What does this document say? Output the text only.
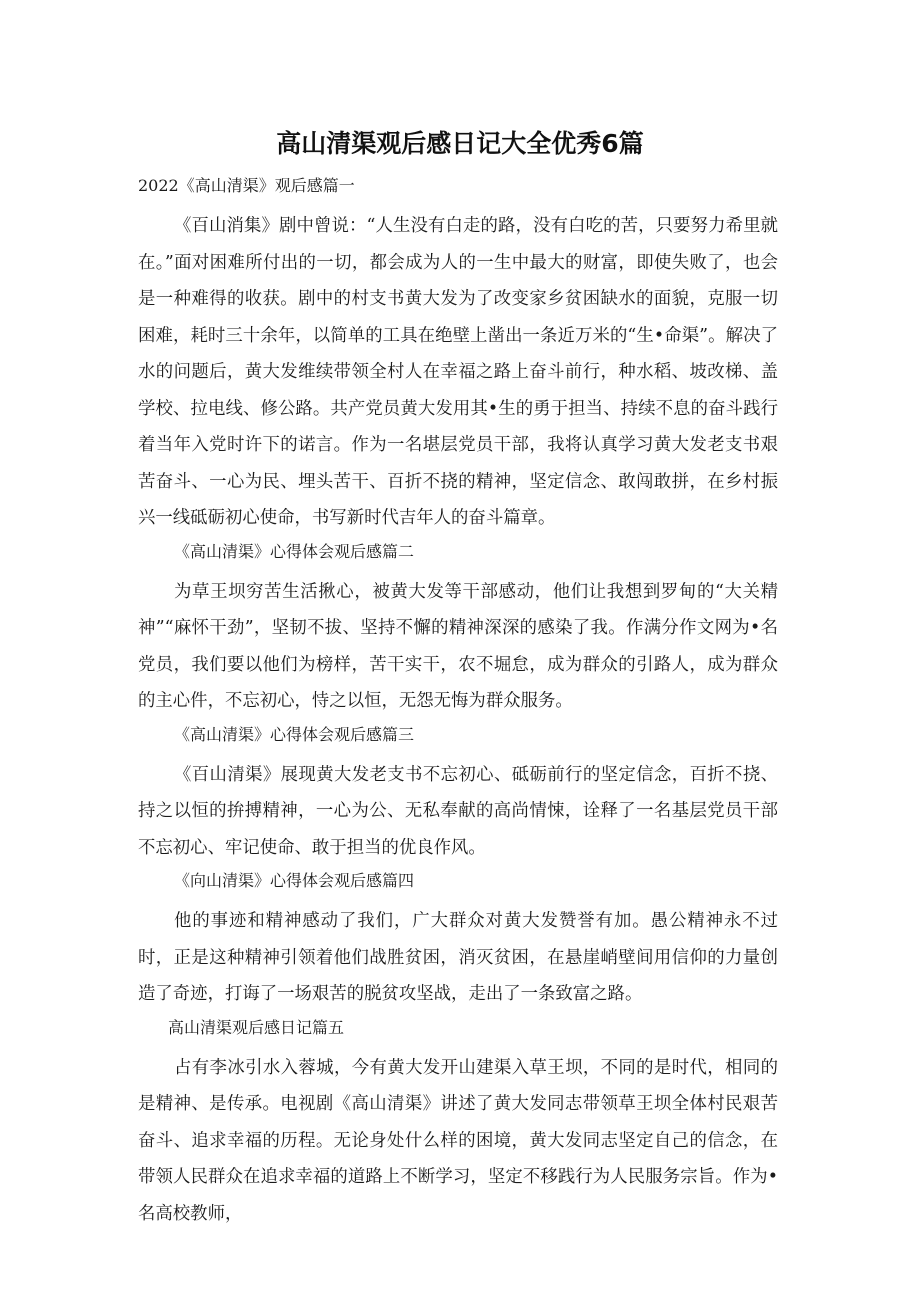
高山清渠观后感日记大全优秀6篇
2022《高山清渠》观后感篇一

《百山消集》剧中曾说：“人生没有白走的路，没有白吃的苦，只要努力希里就在。”面对困难所付出的一切，都会成为人的一生中最大的财富，即使失败了，也会是一种难得的收获。剧中的村支书黄大发为了改变家乡贫困缺水的面貌，克服一切困难，耗时三十余年，以简单的工具在绝壁上凿出一条近万米的“生•命渠”。解决了水的问题后，黄大发维续带领全村人在幸福之路上奋斗前行，种水稻、坡改梯、盖学校、拉电线、修公路。共产党员黄大发用其•生的勇于担当、持续不息的奋斗践行着当年入党时许下的诺言。作为一名堪层党员干部，我将认真学习黄大发老支书艰苦奋斗、一心为民、埋头苦干、百折不挠的精神，坚定信念、敢闯敢拼，在乡村振兴一线砥砺初心使命，书写新时代吉年人的奋斗篇章。

《高山清渠》心得体会观后感篇二

为草王坝穷苦生活揪心，被黄大发等干部感动，他们让我想到罗甸的“大关精神”“麻怀干劲”，坚韧不拔、坚持不懈的精神深深的感染了我。作满分作文网为•名党员，我们要以他们为榜样，苦干实干，农不堀怠，成为群众的引路人，成为群众的主心件，不忘初心，恃之以恒，无怨无悔为群众服务。

《高山清渠》心得体会观后感篇三

《百山清渠》展现黄大发老支书不忘初心、砥砺前行的坚定信念，百折不挠、持之以恒的拚搏精神，一心为公、无私奉献的高尚情悚，诠释了一名基层党员干部不忘初心、牢记使命、敢于担当的优良作风。

《向山清渠》心得体会观后感篇四

他的事迹和精神感动了我们，广大群众对黄大发赞誉有加。愚公精神永不过时，正是这种精神引领着他们战胜贫困，消灭贫困，在悬崖峭壁间用信仰的力量创造了奇迹，打诲了一场艰苦的脱贫攻坚战，走出了一条致富之路。

高山清渠观后感日记篇五

占有李冰引水入蓉城，今有黄大发开山建渠入草王坝，不同的是时代，相同的是精神、是传承。电视剧《高山清渠》讲述了黄大发同志带领草王坝全体村民艰苦奋斗、追求幸福的历程。无论身处什么样的困境，黄大发同志坚定自己的信念，在带领人民群众在追求幸福的道路上不断学习，坚定不移践行为人民服务宗旨。作为•名高校教师，
